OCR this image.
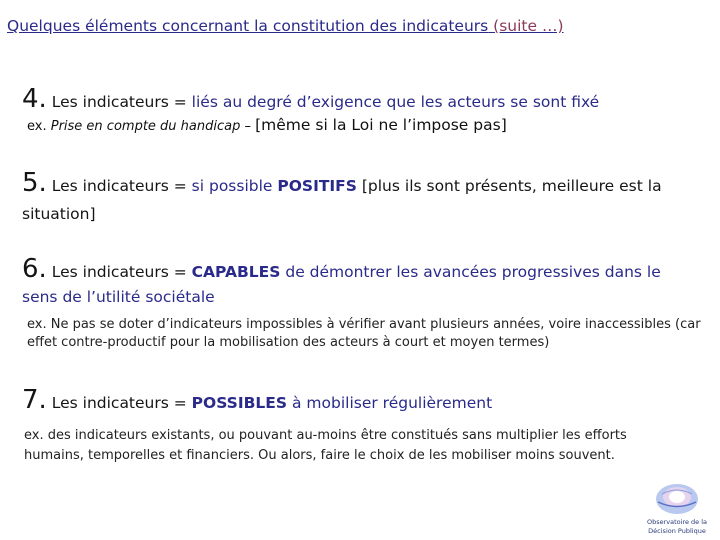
Quelques éléments concernant la constitution des indicateurs (suite …)
4. Les indicateurs = liés au degré d’exigence que les acteurs se sont fixé
ex. Prise en compte du handicap – [même si la Loi ne l’impose pas]
5. Les indicateurs = si possible POSITIFS [plus ils sont présents, meilleure est la
situation]
6. Les indicateurs = CAPABLES de démontrer les avancées progressives dans le
sens de l’utilité sociétale
ex. Ne pas se doter d’indicateurs impossibles à vérifier avant plusieurs années, voire inaccessibles (car
effet contre-productif pour la mobilisation des acteurs à court et moyen termes)
7. Les indicateurs = POSSIBLES à mobiliser régulièrement
ex. des indicateurs existants, ou pouvant au-moins être constitués sans multiplier les efforts
humains, temporelles et financiers. Ou alors, faire le choix de les mobiliser moins souvent.
Observatoire de la
Décision Publique
